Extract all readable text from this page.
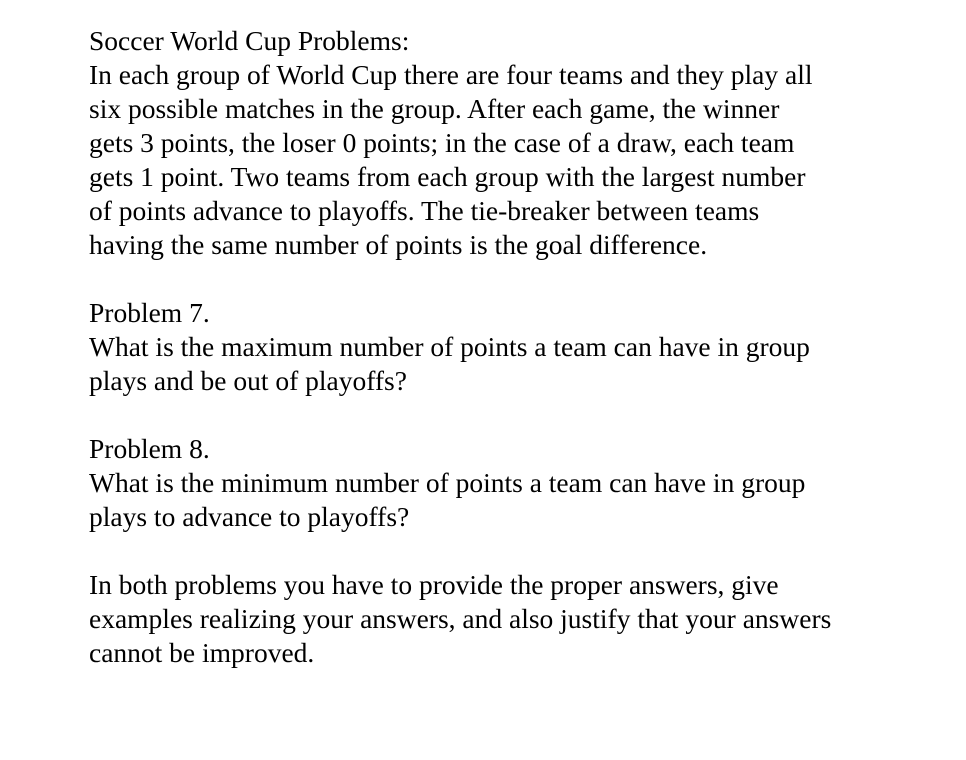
Soccer World Cup Problems:
In each group of World Cup there are four teams and they play all
six possible matches in the group. After each game, the winner
gets 3 points, the loser 0 points; in the case of a draw, each team
gets 1 point. Two teams from each group with the largest number
of points advance to playoffs. The tie-breaker between teams
having the same number of points is the goal difference.
Problem 7.
What is the maximum number of points a team can have in group
plays and be out of playoffs?
Problem 8.
What is the minimum number of points a team can have in group
plays to advance to playoffs?
In both problems you have to provide the proper answers, give
examples realizing your answers, and also justify that your answers
cannot be improved.
